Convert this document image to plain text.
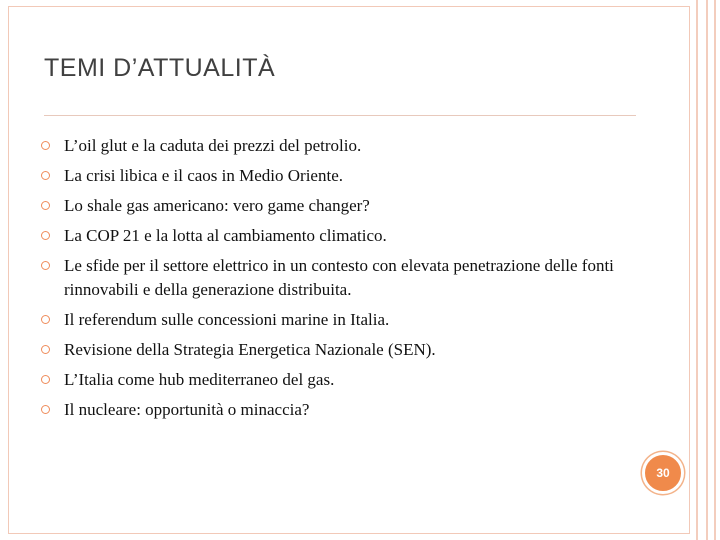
TEMI D’ATTUALITÀ
L’oil glut e la caduta dei prezzi del petrolio.
La crisi libica e il caos in Medio Oriente.
Lo shale gas americano: vero game changer?
La COP 21 e la lotta al cambiamento climatico.
Le sfide per il settore elettrico in un contesto con elevata penetrazione delle fonti rinnovabili e della generazione distribuita.
Il referendum sulle concessioni marine in Italia.
Revisione della Strategia Energetica Nazionale (SEN).
L’Italia come hub mediterraneo del gas.
Il nucleare: opportunità o minaccia?
30
